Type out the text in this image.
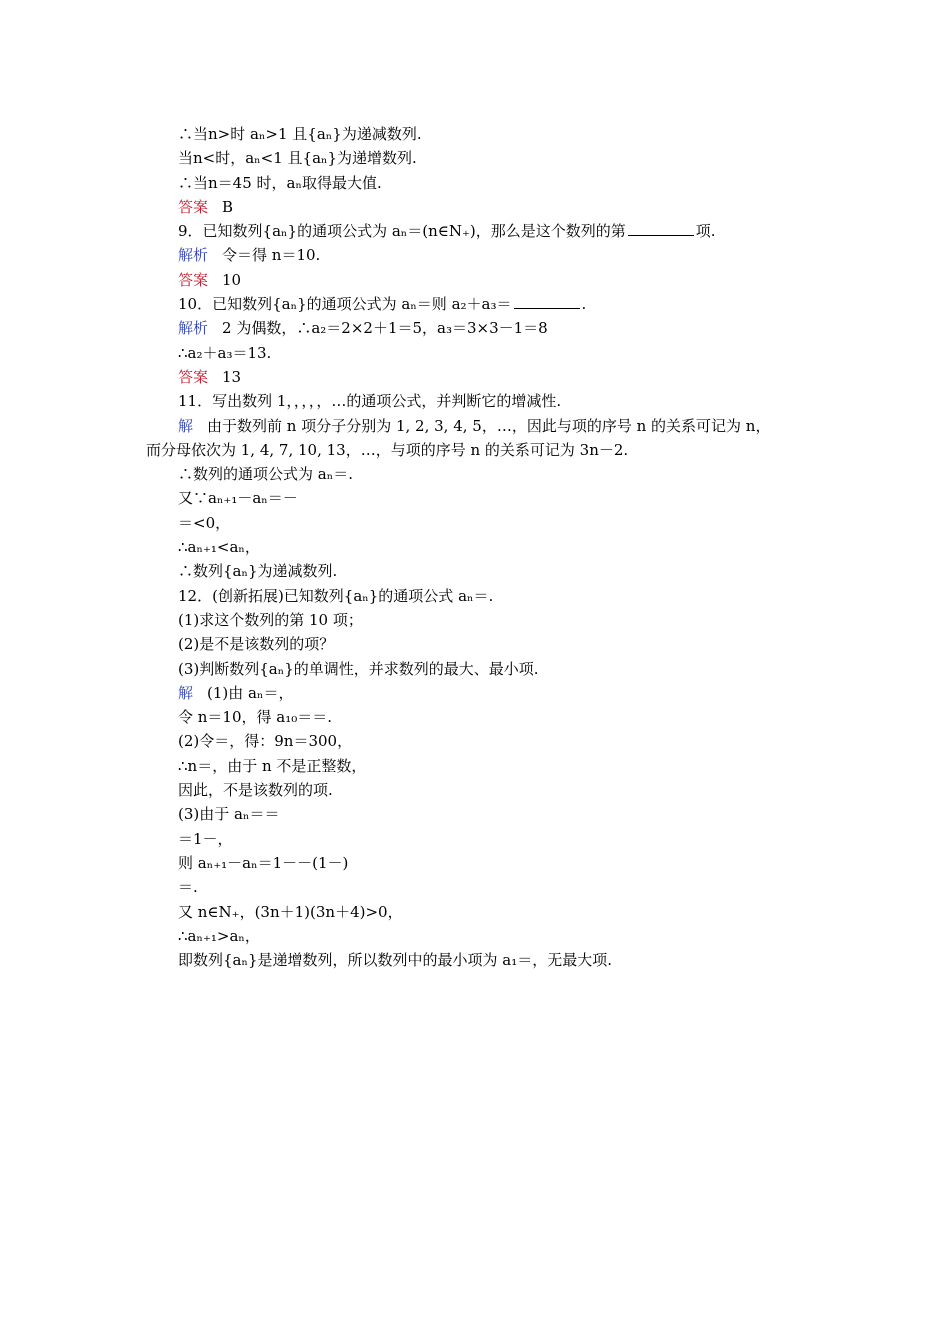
∴当n>时 aₙ>1 且{aₙ}为递减数列.
当n<时，aₙ<1 且{aₙ}为递增数列.
∴当n＝45 时，aₙ取得最大值.
答案 B
9．已知数列{aₙ}的通项公式为 aₙ＝(n∈N₊)，那么是这个数列的第	项.
解析 令＝得 n＝10.
答案 10
10．已知数列{aₙ}的通项公式为 aₙ＝则 a₂＋a₃＝	.
解析 2 为偶数，∴a₂＝2×2＋1＝5，a₃＝3×3－1＝8
∴a₂＋a₃＝13.
答案 13
11．写出数列 1，，，，，…的通项公式，并判断它的增减性.
解 由于数列前 n 项分子分别为 1, 2, 3, 4, 5，…，因此与项的序号 n 的关系可记为 n，
而分母依次为 1, 4, 7, 10, 13，…，与项的序号 n 的关系可记为 3n－2.
∴数列的通项公式为 aₙ＝.
又∵aₙ₊₁－aₙ＝－
＝<0，
∴aₙ₊₁<aₙ，
∴数列{aₙ}为递减数列.
12．(创新拓展)已知数列{aₙ}的通项公式 aₙ＝.
(1)求这个数列的第 10 项；
(2)是不是该数列的项？
(3)判断数列{aₙ}的单调性，并求数列的最大、最小项.
解 (1)由 aₙ＝，
令 n＝10，得 a₁₀＝＝.
(2)令＝，得：9n＝300，
∴n＝，由于 n 不是正整数，
因此，不是该数列的项.
(3)由于 aₙ＝＝
＝1－，
则 aₙ₊₁－aₙ＝1－－(1－)
＝.
又 n∈N₊，(3n＋1)(3n＋4)>0，
∴aₙ₊₁>aₙ，
即数列{aₙ}是递增数列，所以数列中的最小项为 a₁＝，无最大项.
